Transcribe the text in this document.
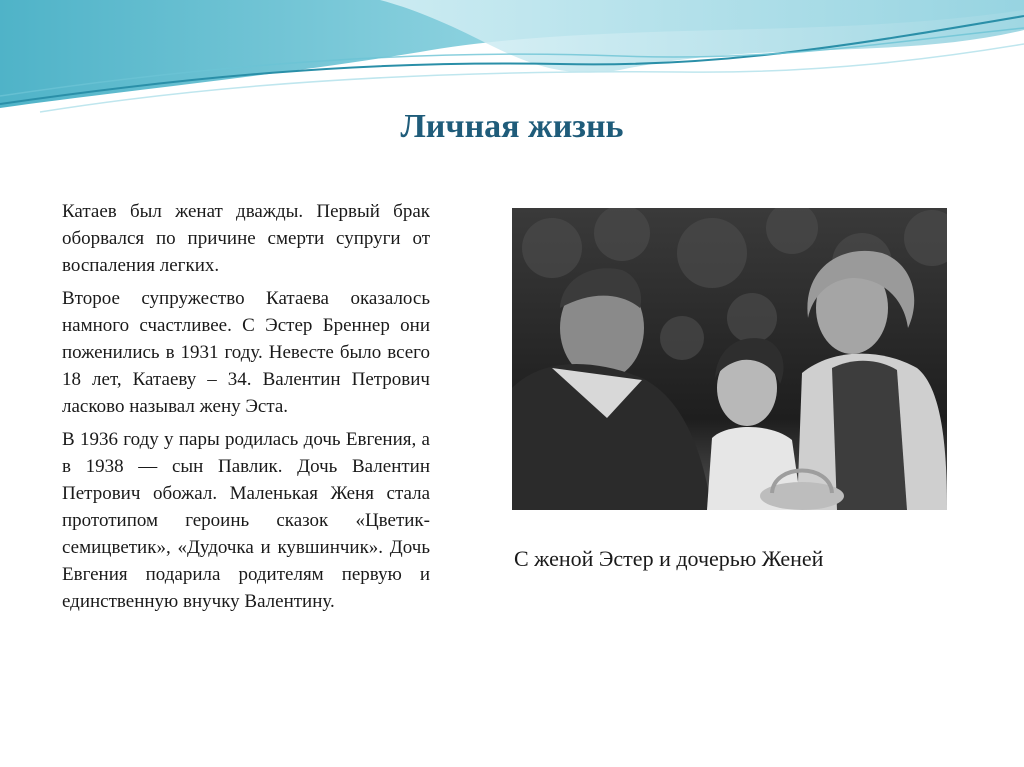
Личная жизнь

Катаев был женат дважды. Первый брак оборвался по причине смерти супруги от воспаления легких.

Второе супружество Катаева оказалось намного счастливее. С Эстер Бреннер они поженились в 1931 году. Невесте было всего 18 лет, Катаеву – 34. Валентин Петрович ласково называл жену Эста.

В 1936 году у пары родилась дочь Евгения, а в 1938 — сын Павлик. Дочь Валентин Петрович обожал. Маленькая Женя стала прототипом героинь сказок «Цветик-семицветик», «Дудочка и кувшинчик». Дочь Евгения подарила родителям первую и единственную внучку Валентину.

С женой Эстер и дочерью Женей
